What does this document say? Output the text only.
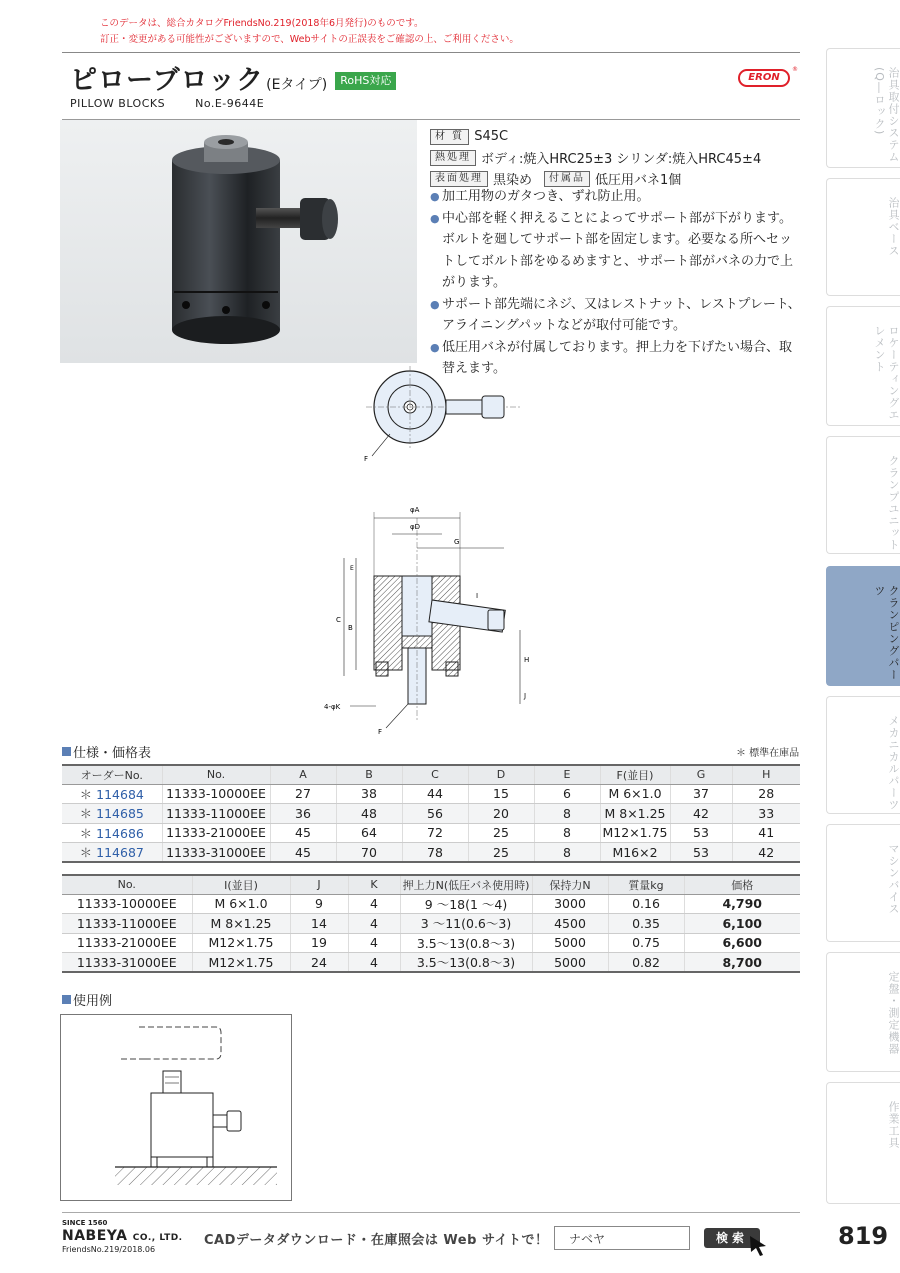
このデータは、総合カタログFriendsNo.219(2018年6月発行)のものです。
訂正・変更がある可能性がございますので、Webサイトの正誤表をご確認の上、ご利用ください。
ピローブロック (Eタイプ)	RoHS対応
PILLOW BLOCKS	No.E-9644E
ERON
®
材 質 S45C
熱処理 ボディ:焼入HRC25±3 シリンダ:焼入HRC45±4
表面処理 黒染め	付属品 低圧用バネ1個
● 加工用物のガタつき、ずれ防止用。
● 中心部を軽く押えることによってサポート部が下がります。ボルトを廻してサポート部を固定します。必要なる所へセットしてボルト部をゆるめますと、サポート部がバネの力で上がります。
● サポート部先端にネジ、又はレストナット、レストプレート、アライニングパットなどが取付可能です。
● 低圧用バネが付属しております。押上力を下げたい場合、取替えます。
F
φA
φD
G
I
E
B
C
H
J
4-φK
F
仕様・価格表	＊ 標準在庫品
オーダーNo.	No.	A	B	C	D	E	F(並目)	G	H
＊ 114684	11333-10000EE	27	38	44	15	6	M 6×1.0	37	28
＊ 114685	11333-11000EE	36	48	56	20	8	M 8×1.25	42	33
＊ 114686	11333-21000EE	45	64	72	25	8	M12×1.75	53	41
＊ 114687	11333-31000EE	45	70	78	25	8	M16×2	53	42
No.	I(並目)	J	K	押上力N(低圧バネ使用時)	保持力N	質量kg	価格
11333-10000EE	M 6×1.0	9	4	9 〜18(1 〜4)	3000	0.16	4,790
11333-11000EE	M 8×1.25	14	4	3 〜11(0.6〜3)	4500	0.35	6,100
11333-21000EE	M12×1.75	19	4	3.5〜13(0.8〜3)	5000	0.75	6,600
11333-31000EE	M12×1.75	24	4	3.5〜13(0.8〜3)	5000	0.82	8,700
使用例
治具取付システム(Q―ロック)
治具ベース
ロケーティングエレメント
クランプユニット
クランピングパーツ
メカニカルパーツ
マシンバイス
定盤・測定機器
作業工具
SINCE 1560
NABEYA CO., LTD.
FriendsNo.219/2018.06
CADデータダウンロード・在庫照会は Web サイトで！	ナベヤ	検索	819
